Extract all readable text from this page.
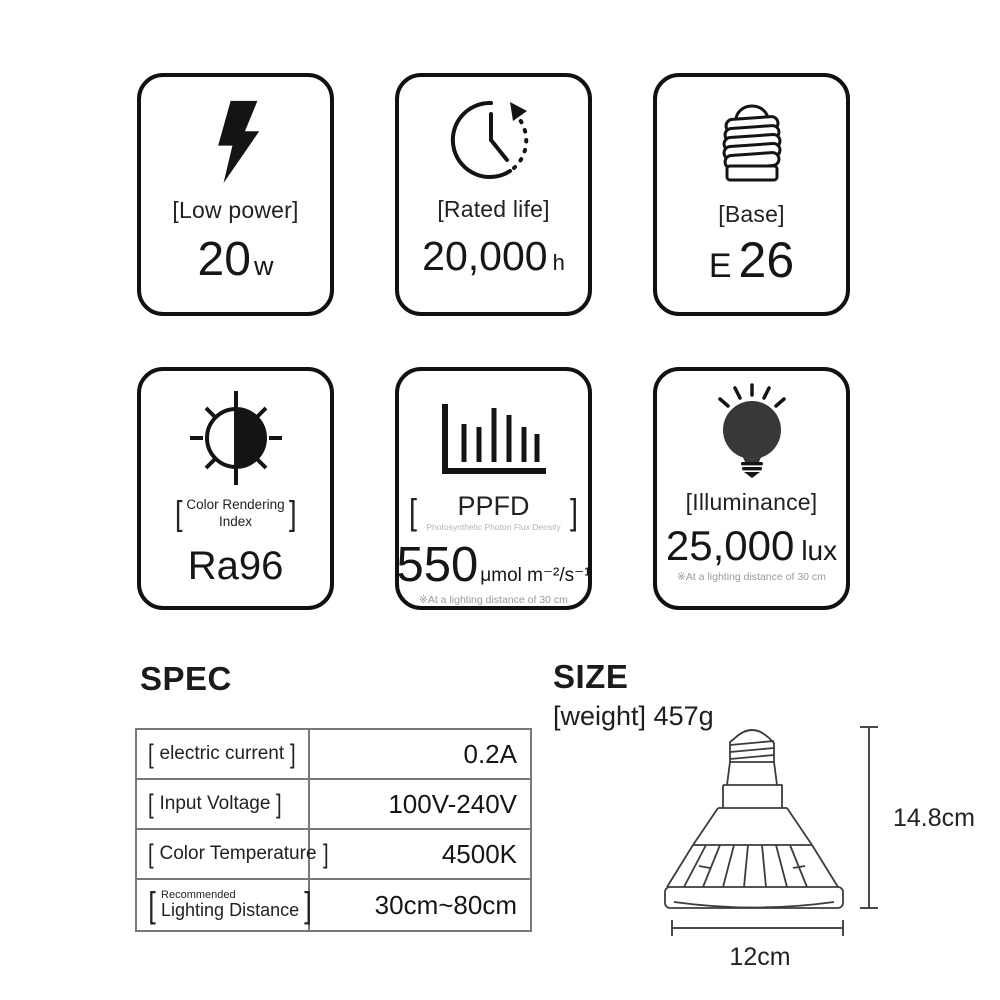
[Low power]
20 w
[Rated life]
20,000 h
[Base]
E 26
[ Color Rendering
Index	]
Ra96
[	PPFD
Photosynthetic Photon Flux Density ]
550 μmol m⁻²/s⁻¹
※At a lighting distance of 30 cm
[Illuminance]
25,000 lux
※At a lighting distance of 30 cm
SPEC
[ electric current ]	0.2A
[ Input Voltage ]	100V-240V
[ Color Temperature ]	4500K
[ Recommended
Lighting Distance ]	30cm~80cm
SIZE
[weight] 457g
14.8cm
12cm
